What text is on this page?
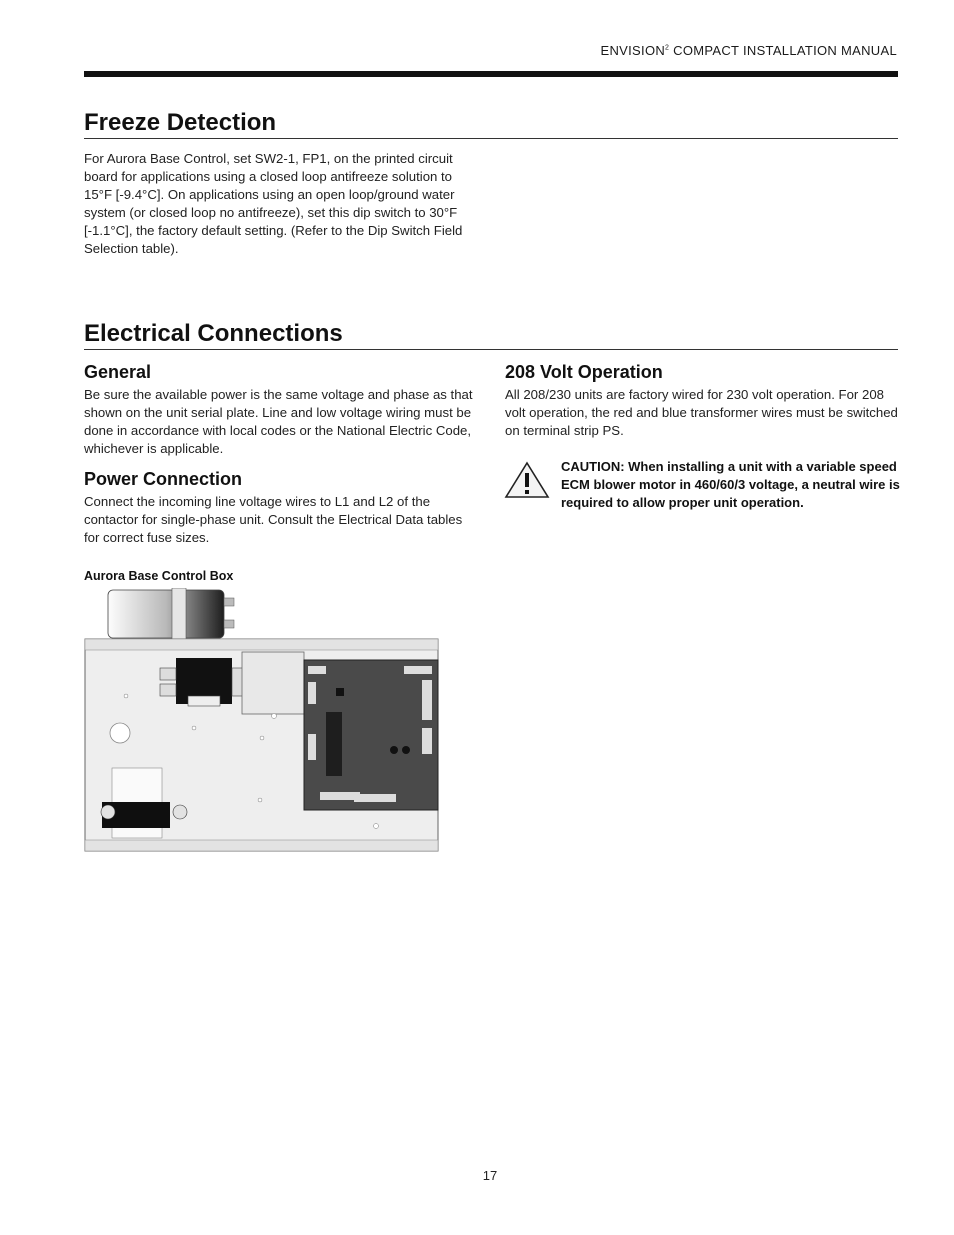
ENVISION$^2$ COMPACT INSTALLATION MANUAL
Freeze Detection
For Aurora Base Control, set SW2-1, FP1, on the printed circuit board for applications using a closed loop antifreeze solution to 15°F [-9.4°C]. On applications using an open loop/ground water system (or closed loop no antifreeze), set this dip switch to 30°F [-1.1°C], the factory default setting. (Refer to the Dip Switch Field Selection table).
Electrical Connections
General
Be sure the available power is the same voltage and phase as that shown on the unit serial plate. Line and low voltage wiring must be done in accordance with local codes or the National Electric Code, whichever is applicable.
Power Connection
Connect the incoming line voltage wires to L1 and L2 of the contactor for single-phase unit. Consult the Electrical Data tables for correct fuse sizes.
208 Volt Operation
All 208/230 units are factory wired for 230 volt operation. For 208 volt operation, the red and blue transformer wires must be switched on terminal strip PS.
CAUTION: When installing a unit with a variable speed ECM blower motor in 460/60/3 voltage, a neutral wire is required to allow proper unit operation.
Aurora Base Control Box
17
